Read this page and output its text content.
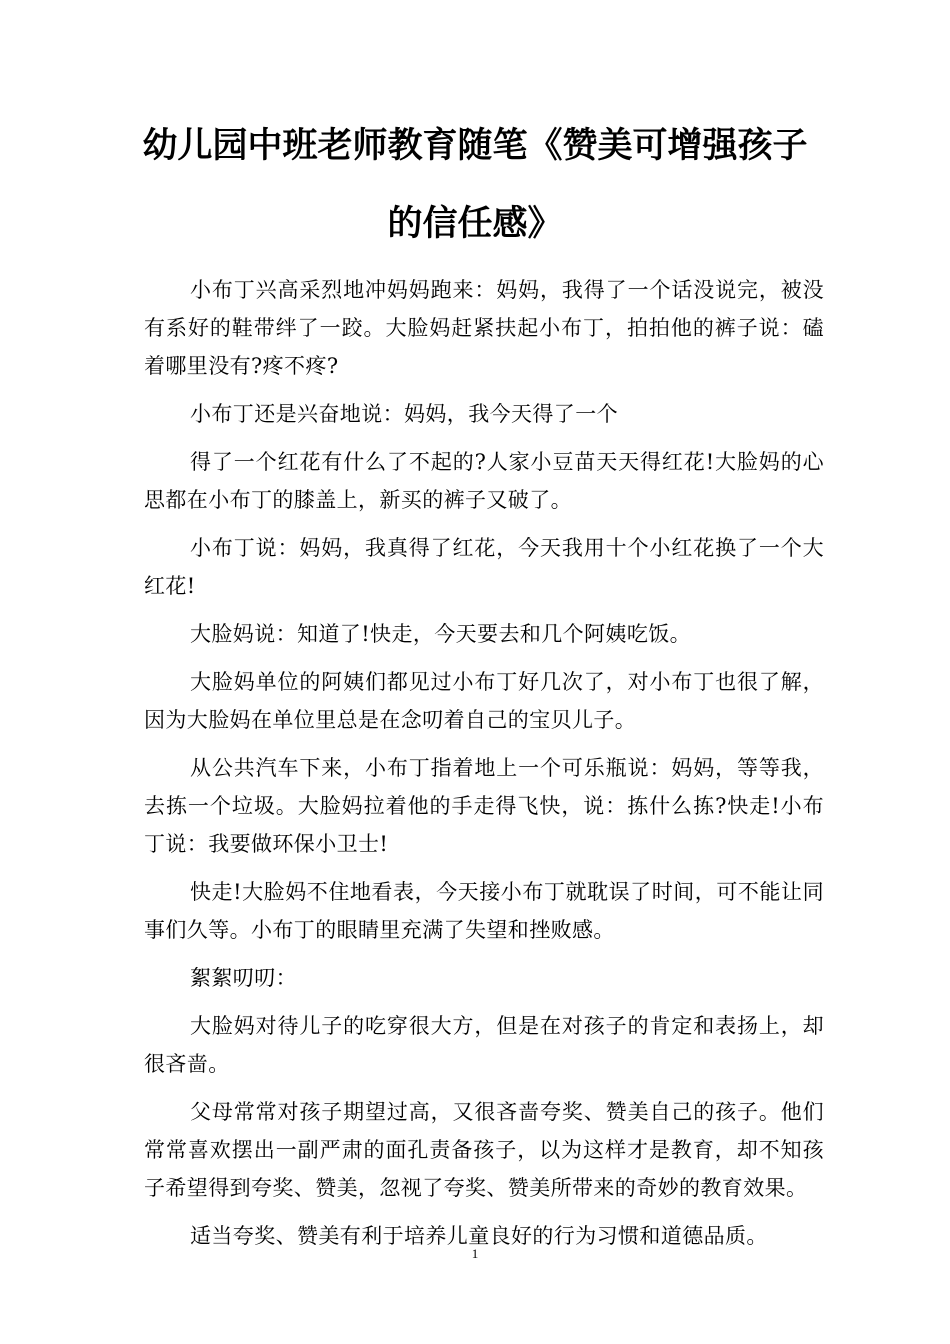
幼儿园中班老师教育随笔《赞美可增强孩子
的信任感》

小布丁兴高采烈地冲妈妈跑来：妈妈，我得了一个话没说完，被没有系好的鞋带绊了一跤。大脸妈赶紧扶起小布丁，拍拍他的裤子说：磕着哪里没有?疼不疼?

小布丁还是兴奋地说：妈妈，我今天得了一个

得了一个红花有什么了不起的?人家小豆苗天天得红花!大脸妈的心思都在小布丁的膝盖上，新买的裤子又破了。

小布丁说：妈妈，我真得了红花，今天我用十个小红花换了一个大红花!

大脸妈说：知道了!快走，今天要去和几个阿姨吃饭。

大脸妈单位的阿姨们都见过小布丁好几次了，对小布丁也很了解，因为大脸妈在单位里总是在念叨着自己的宝贝儿子。

从公共汽车下来，小布丁指着地上一个可乐瓶说：妈妈，等等我，去拣一个垃圾。大脸妈拉着他的手走得飞快，说：拣什么拣?快走!小布丁说：我要做环保小卫士!

快走!大脸妈不住地看表，今天接小布丁就耽误了时间，可不能让同事们久等。小布丁的眼睛里充满了失望和挫败感。

絮絮叨叨：

大脸妈对待儿子的吃穿很大方，但是在对孩子的肯定和表扬上，却很吝啬。

父母常常对孩子期望过高，又很吝啬夸奖、赞美自己的孩子。他们常常喜欢摆出一副严肃的面孔责备孩子，以为这样才是教育，却不知孩子希望得到夸奖、赞美，忽视了夸奖、赞美所带来的奇妙的教育效果。

适当夸奖、赞美有利于培养儿童良好的行为习惯和道德品质。

1
